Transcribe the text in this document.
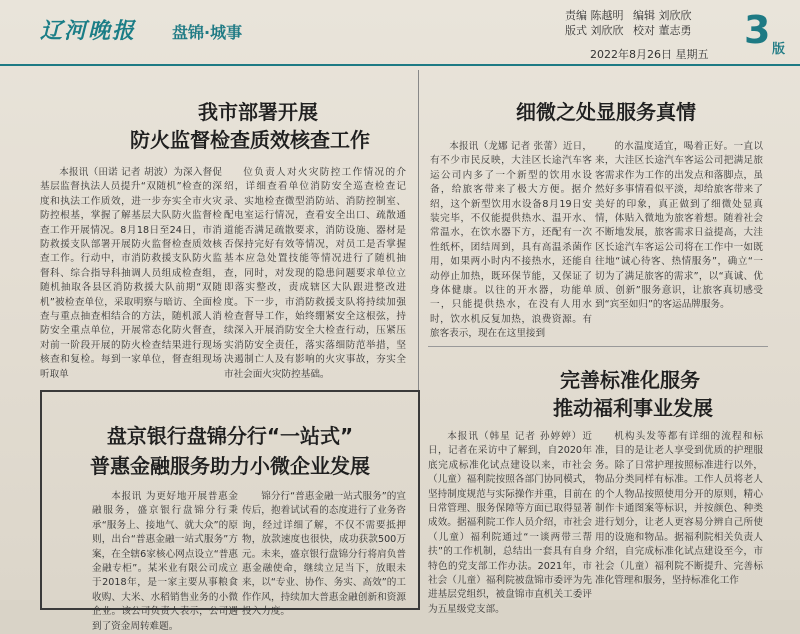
辽河晚报 盘锦·城事
责编 陈越明 编辑 刘欣欣
版式 刘欣欣 校对 董志勇
2022年8月26日 星期五
3 版
我市部署开展
防火监督检查质效核查工作

本报讯（田诺 记者 胡波）为深入督促基层监督执法人员提升“双随机”检查的深度和执法工作质效，进一步夯实全市火灾防控根基，掌握了解基层大队防火监督检查工作开展情况。8月18日至24日，市消防救援支队部署开展防火监督检查质效核查工作。行动中，市消防救援支队防火监督科、综合指导科抽调人员组成检查组，随机抽取各县区消防救援大队前期“双随机”被检查单位，采取明察与暗访、全面检查与重点抽查相结合的方法，随机派人消防安全重点单位，开展常态化防火督查，对前一阶段开展的防火检查结果进行现场核查和复检。每到一家单位，督查组现场听取单

位负责人对火灾防控工作情况的介绍，详细查看单位消防安全巡查检查记录、实地检查微型消防站、消防控制室、配电室运行情况，查看安全出口、疏散通道能否满足疏散要求，消防设施、器材是否保持完好有效等情况，对员工是否掌握基本应急处置技能等情况进行了随机抽查，同时，对发现的隐患问题要求单位立即落实整改，责成辖区大队跟进整改进度。下一步，市消防救援支队将持续加强检查督导工作，始终绷紧安全这根弦，持续深入开展消防安全大检查行动，压紧压实消防安全责任，落实落细防范举措，坚决遏制亡人及有影响的火灾事故，夯实全市社会面火灾防控基础。

细微之处显服务真情

本报讯（龙娜 记者 张蕾）近日，有不少市民反映，大洼区长途汽车客运公司内多了一个新型的饮用水设备，给旅客带来了极大方便。据介绍，这个新型饮用水设备8月19日安装完毕，不仅能提供热水、温开水、常温水，在饮水器下方，还配有一次性纸杯，团结周到，具有高温杀菌作用，如果两小时内不接热水，还能自动停止加热，既环保节能，又保证了身体健康。以往的开水器，功能单一，只能提供热水，在没有人用水时，饮水机反复加热，浪费资源。有旅客表示，现在在这里接到

的水温度适宜，喝着正好。一直以来，大洼区长途汽车客运公司把满足旅客需求作为工作的出发点和落脚点，虽然好多事情看似平淡，却给旅客带来了美好的印象，真正做到了细微处显真情，体贴入微地为旅客着想。随着社会不断地发展，旅客需求日益提高，大洼区长途汽车客运公司将在工作中一如既往地“诚心待客、热情服务”，确立“一切为了满足旅客的需求”，以“真诚、优质、创新”服务意识，让旅客真切感受到“宾至如归”的客运品牌服务。

完善标准化服务
推动福利事业发展

本报讯（韩星 记者 孙婷婷）近日，记者在采访中了解到，自2020年底完成标准化试点建设以来，市社会（儿童）福利院按照各部门协同模式，坚持制度规范与实际操作并重，目前在日常管理、服务保障等方面已取得显著成效。据福利院工作人员介绍，市社会（儿童）福利院通过“一谈两带三帮扶”的工作机制，总结出一套具有自身特色的党支部工作办法。2021年，市社会（儿童）福利院被盘锦市委评为先进基层党组织，被盘锦市直机关工委评为五星级党支部。

机构头发等都有详细的流程和标准，目的是让老人享受到优质的护理服务。除了日常护理按照标准进行以外，物品分类同样有标准。工作人员将老人的个人物品按照使用分开的原则，精心制作卡通图案等标识，并按颜色、种类进行划分，让老人更容易分辨自己所使用的设施和物品。据福利院相关负责人介绍，自完成标准化试点建设至今，市社会（儿童）福利院不断提升、完善标准化管理和服务，坚持标准化工作

盘京银行盘锦分行“一站式”
普惠金融服务助力小微企业发展

本报讯 为更好地开展普惠金融服务，盛京银行盘锦分行秉承“服务上、接地气、就大众”的原则，出台“普惠金融一站式服务”方案，在全辖6家核心网点设立“普惠金融专柜”。某米业有限公司成立于2018年，是一家主要从事粮食收购、大米、水稻销售业务的小微企业。该公司负责人表示，公司遇到了资金周转难题。

锦分行“普惠金融一站式服务”的宣传后，抱着试试看的态度进行了业务咨询，经过详细了解，不仅不需要抵押物，放款速度也很快，成功获款500万元。未来，盛京银行盘锦分行将肩负普惠金融使命，继续立足当下，放眼未来，以“专业、协作、务实、高效”的工作作风，持续加大普惠金融创新和资源投入力度。
